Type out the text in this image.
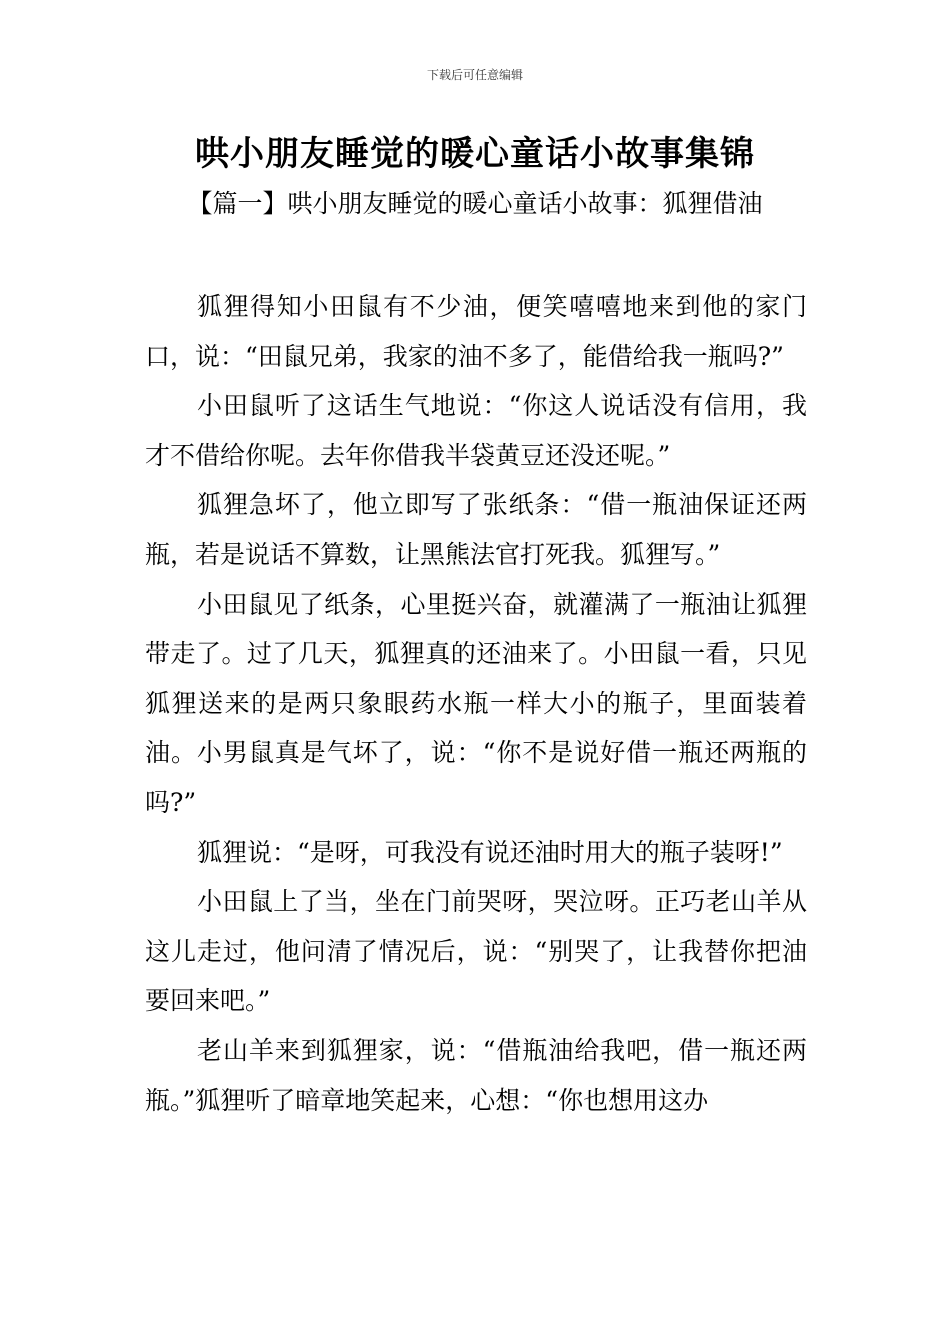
下载后可任意编辑
哄小朋友睡觉的暖心童话小故事集锦
【篇一】哄小朋友睡觉的暖心童话小故事：狐狸借油

狐狸得知小田鼠有不少油，便笑嘻嘻地来到他的家门口，说：“田鼠兄弟，我家的油不多了，能借给我一瓶吗?”

小田鼠听了这话生气地说：“你这人说话没有信用，我才不借给你呢。去年你借我半袋黄豆还没还呢。”

狐狸急坏了，他立即写了张纸条：“借一瓶油保证还两瓶，若是说话不算数，让黑熊法官打死我。狐狸写。”

小田鼠见了纸条，心里挺兴奋，就灌满了一瓶油让狐狸带走了。过了几天，狐狸真的还油来了。小田鼠一看，只见狐狸送来的是两只象眼药水瓶一样大小的瓶子，里面装着油。小男鼠真是气坏了，说：“你不是说好借一瓶还两瓶的吗?”

狐狸说：“是呀，可我没有说还油时用大的瓶子装呀!”

小田鼠上了当，坐在门前哭呀，哭泣呀。正巧老山羊从这儿走过，他问清了情况后，说：“别哭了，让我替你把油要回来吧。”

老山羊来到狐狸家，说：“借瓶油给我吧，借一瓶还两瓶。”狐狸听了暗章地笑起来，心想：“你也想用这办
